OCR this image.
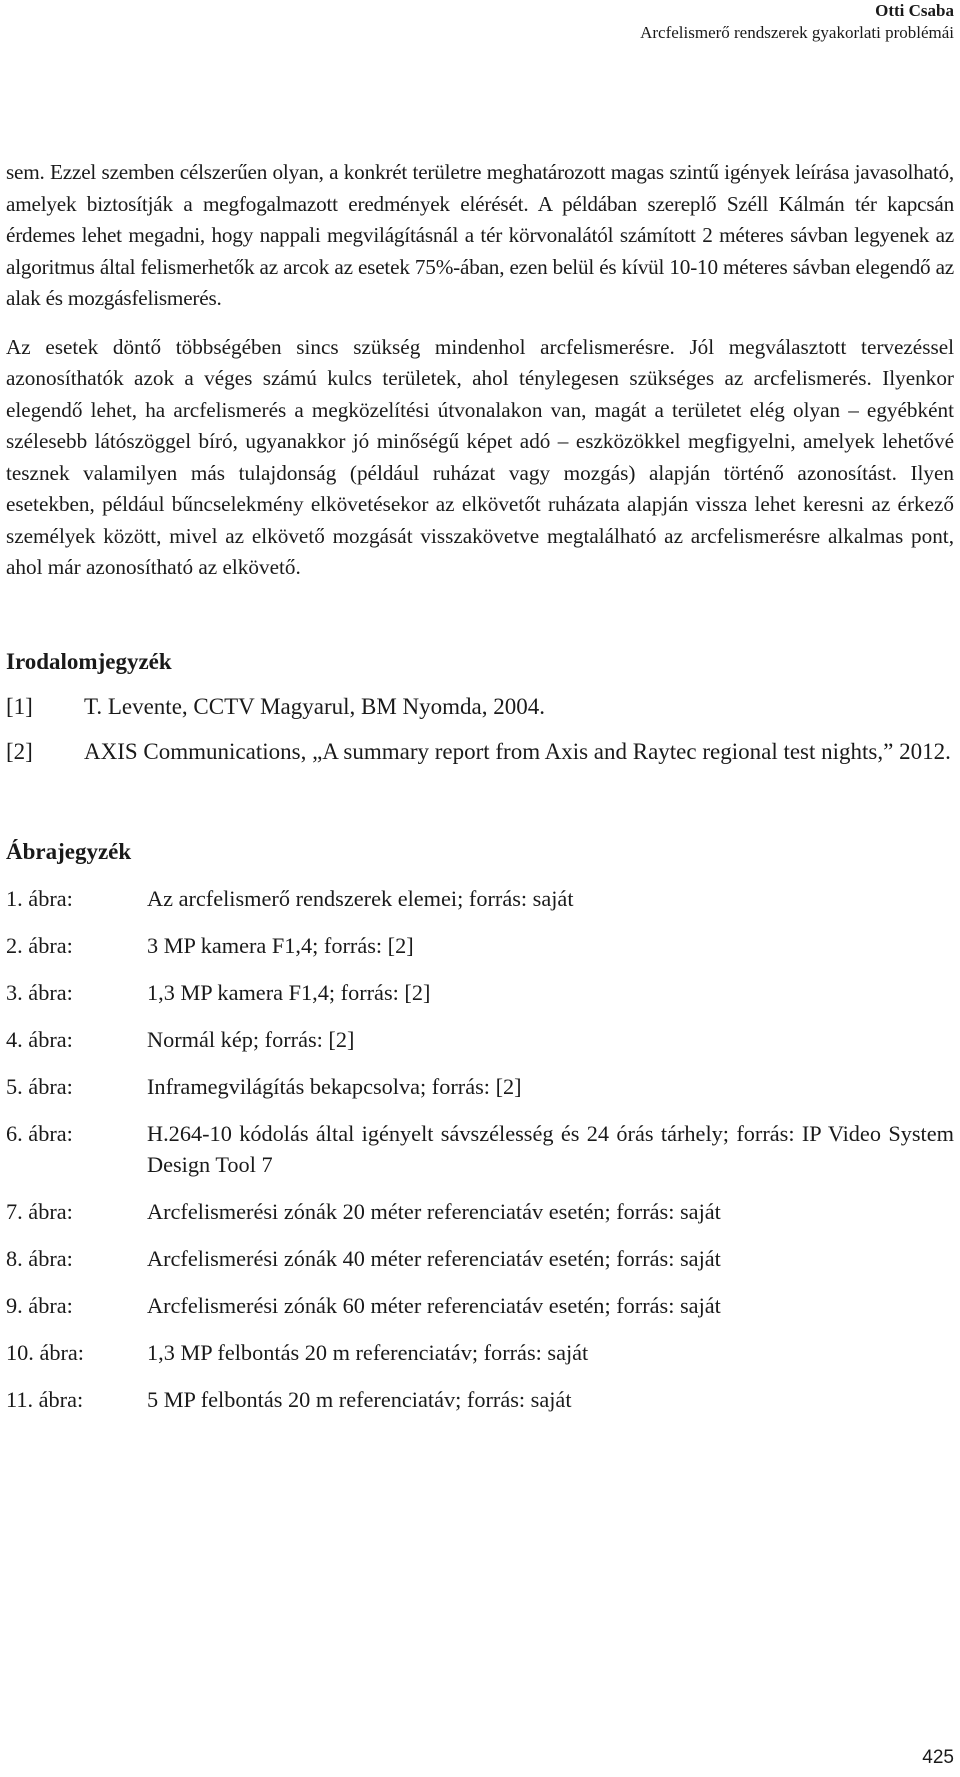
Otti Csaba
Arcfelismerő rendszerek gyakorlati problémái

sem. Ezzel szemben célszerűen olyan, a konkrét területre meghatározott magas szintű igények leírása javasolható, amelyek biztosítják a megfogalmazott eredmények elérését. A példában szereplő Széll Kálmán tér kapcsán érdemes lehet megadni, hogy nappali megvilágításnál a tér körvonalától számított 2 méteres sávban legyenek az algoritmus által felismerhetők az arcok az esetek 75%-ában, ezen belül és kívül 10-10 méteres sávban elegendő az alak és mozgásfelismerés.

Az esetek döntő többségében sincs szükség mindenhol arcfelismerésre. Jól megválasztott tervezéssel azonosíthatók azok a véges számú kulcs területek, ahol ténylegesen szükséges az arcfelismerés. Ilyenkor elegendő lehet, ha arcfelismerés a megközelítési útvonalakon van, magát a területet elég olyan – egyébként szélesebb látószöggel bíró, ugyanakkor jó minőségű képet adó – eszközökkel megfigyelni, amelyek lehetővé tesznek valamilyen más tulajdonság (például ruházat vagy mozgás) alapján történő azonosítást. Ilyen esetekben, például bűncselekmény elkövetésekor az elkövetőt ruházata alapján vissza lehet keresni az érkező személyek között, mivel az elkövető mozgását visszakövetve megtalálható az arcfelismerésre alkalmas pont, ahol már azonosítható az elkövető.

Irodalomjegyzék
[1]	T. Levente, CCTV Magyarul, BM Nyomda, 2004.
[2]	AXIS Communications, „A summary report from Axis and Raytec regional test nights,” 2012.
Ábrajegyzék
1. ábra:	Az arcfelismerő rendszerek elemei; forrás: saját
2. ábra:	3 MP kamera F1,4; forrás: [2]
3. ábra:	1,3 MP kamera F1,4; forrás: [2]
4. ábra:	Normál kép; forrás: [2]
5. ábra:	Inframegvilágítás bekapcsolva; forrás: [2]
6. ábra:	H.264-10 kódolás által igényelt sávszélesség és 24 órás tárhely; forrás: IP Video System Design Tool 7
7. ábra:	Arcfelismerési zónák 20 méter referenciatáv esetén; forrás: saját
8. ábra:	Arcfelismerési zónák 40 méter referenciatáv esetén; forrás: saját
9. ábra:	Arcfelismerési zónák 60 méter referenciatáv esetén; forrás: saját
10. ábra:	1,3 MP felbontás 20 m referenciatáv; forrás: saját
11. ábra:	5 MP felbontás 20 m referenciatáv; forrás: saját
425
